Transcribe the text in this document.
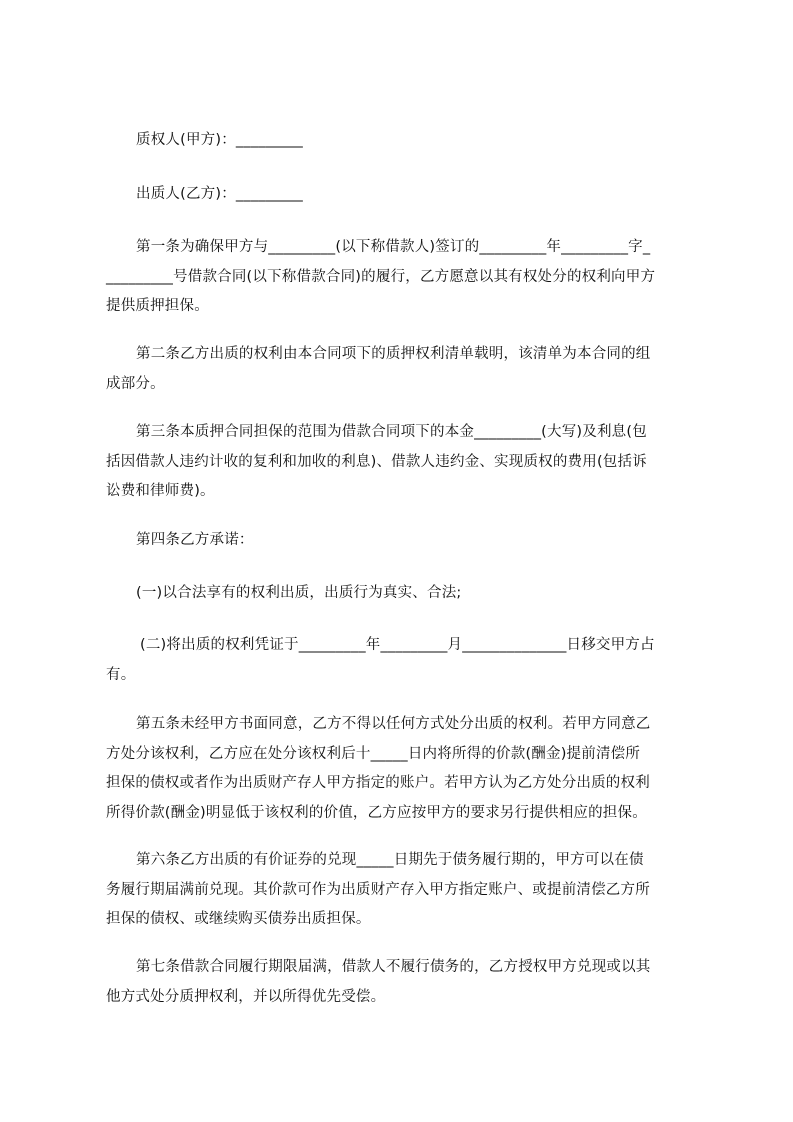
质权人(甲方)：_________

出质人(乙方)：_________

第一条为确保甲方与_________(以下称借款人)签订的_________年_________字_
_________号借款合同(以下称借款合同)的履行，乙方愿意以其有权处分的权利向甲方
提供质押担保。
第二条乙方出质的权利由本合同项下的质押权利清单载明，该清单为本合同的组
成部分。
第三条本质押合同担保的范围为借款合同项下的本金_________(大写)及利息(包
括因借款人违约计收的复利和加收的利息)、借款人违约金、实现质权的费用(包括诉
讼费和律师费)。
第四条乙方承诺：
(一)以合法享有的权利出质，出质行为真实、合法;
(二)将出质的权利凭证于_________年_________月______________日移交甲方占
有。
第五条未经甲方书面同意，乙方不得以任何方式处分出质的权利。若甲方同意乙
方处分该权利，乙方应在处分该权利后十_____日内将所得的价款(酬金)提前清偿所
担保的债权或者作为出质财产存人甲方指定的账户。若甲方认为乙方处分出质的权利
所得价款(酬金)明显低于该权利的价值，乙方应按甲方的要求另行提供相应的担保。
第六条乙方出质的有价证券的兑现_____日期先于债务履行期的，甲方可以在债
务履行期届满前兑现。其价款可作为出质财产存入甲方指定账户、或提前清偿乙方所
担保的债权、或继续购买债券出质担保。
第七条借款合同履行期限届满，借款人不履行债务的，乙方授权甲方兑现或以其
他方式处分质押权利，并以所得优先受偿。
